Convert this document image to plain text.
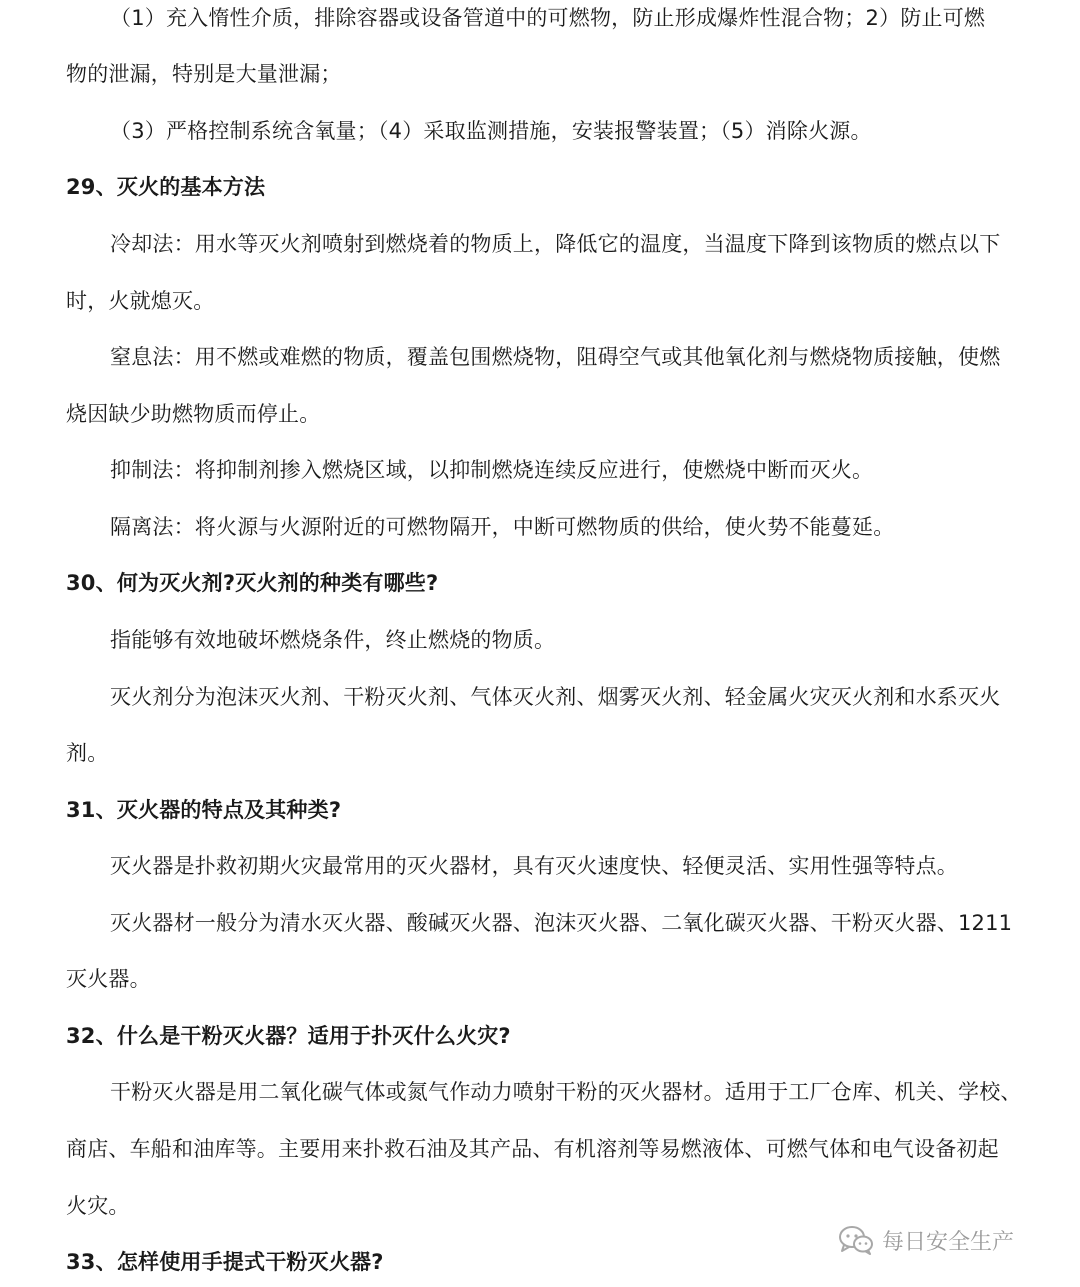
（1）充入惰性介质，排除容器或设备管道中的可燃物，防止形成爆炸性混合物；2）防止可燃
物的泄漏，特别是大量泄漏；
（3）严格控制系统含氧量；（4）采取监测措施，安装报警装置；（5）消除火源。
29、灭火的基本方法
冷却法：用水等灭火剂喷射到燃烧着的物质上，降低它的温度，当温度下降到该物质的燃点以下
时，火就熄灭。
窒息法：用不燃或难燃的物质，覆盖包围燃烧物，阻碍空气或其他氧化剂与燃烧物质接触，使燃
烧因缺少助燃物质而停止。
抑制法：将抑制剂掺入燃烧区域，以抑制燃烧连续反应进行，使燃烧中断而灭火。
隔离法：将火源与火源附近的可燃物隔开，中断可燃物质的供给，使火势不能蔓延。
30、何为灭火剂?灭火剂的种类有哪些?
指能够有效地破坏燃烧条件，终止燃烧的物质。
灭火剂分为泡沫灭火剂、干粉灭火剂、气体灭火剂、烟雾灭火剂、轻金属火灾灭火剂和水系灭火
剂。
31、灭火器的特点及其种类?
灭火器是扑救初期火灾最常用的灭火器材，具有灭火速度快、轻便灵活、实用性强等特点。
灭火器材一般分为清水灭火器、酸碱灭火器、泡沫灭火器、二氧化碳灭火器、干粉灭火器、1211
灭火器。
32、什么是干粉灭火器？适用于扑灭什么火灾?
干粉灭火器是用二氧化碳气体或氮气作动力喷射干粉的灭火器材。适用于工厂仓库、机关、学校、
商店、车船和油库等。主要用来扑救石油及其产品、有机溶剂等易燃液体、可燃气体和电气设备初起
火灾。
33、怎样使用手提式干粉灭火器?
每日安全生产
